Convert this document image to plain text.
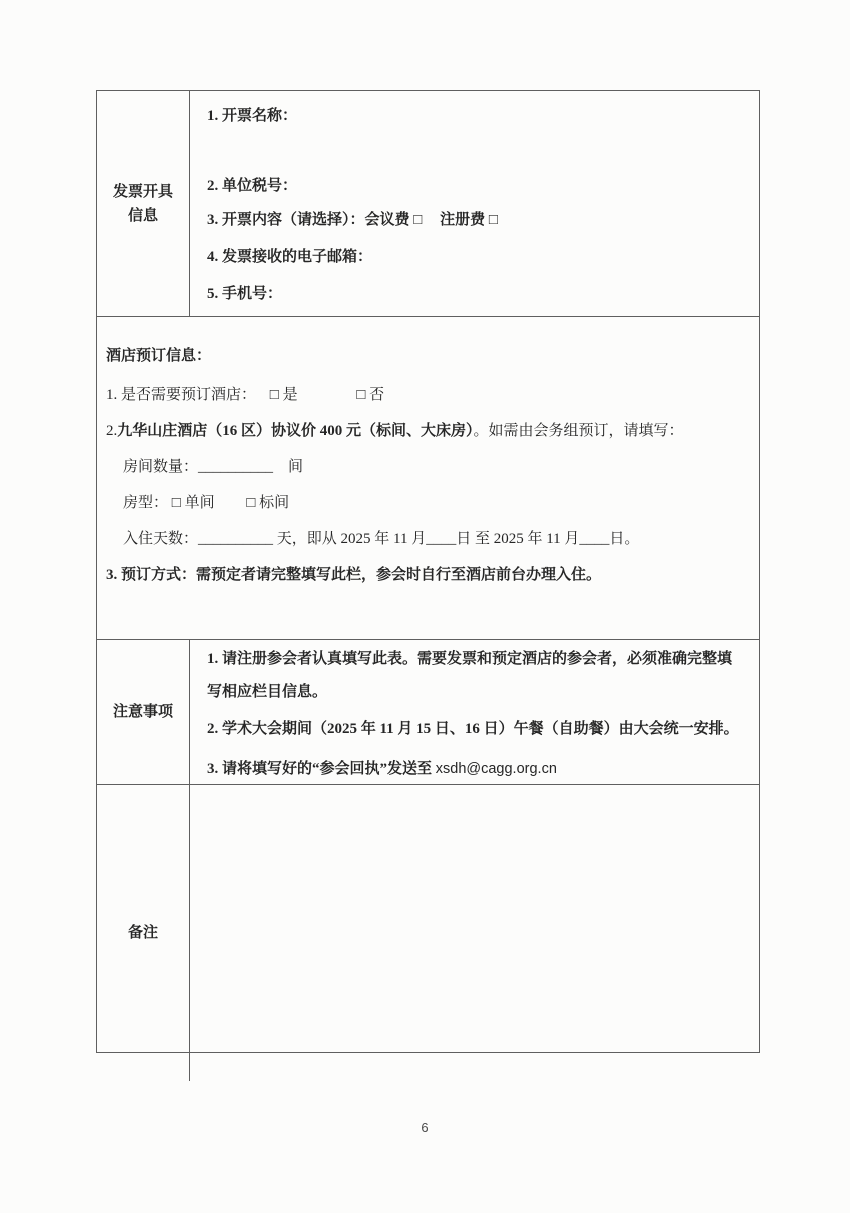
发票开具
信息
1. 开票名称：
2. 单位税号：
3. 开票内容（请选择）：会议费 □ 注册费 □
4. 发票接收的电子邮箱：
5. 手机号：
酒店预订信息：
1. 是否需要预订酒店： □ 是	□ 否
2.九华山庄酒店（16 区）协议价 400 元（标间、大床房）。如需由会务组预订，请填写：
房间数量：__________　间
房型： □ 单间 □ 标间
入住天数：__________ 天，即从 2025 年 11 月____日 至 2025 年 11 月____日。
3. 预订方式：需预定者请完整填写此栏，参会时自行至酒店前台办理入住。
注意事项
1. 请注册参会者认真填写此表。需要发票和预定酒店的参会者，必须准确完整填
写相应栏目信息。
2. 学术大会期间（2025 年 11 月 15 日、16 日）午餐（自助餐）由大会统一安排。
3. 请将填写好的“参会回执”发送至 xsdh@cagg.org.cn
备注
6
